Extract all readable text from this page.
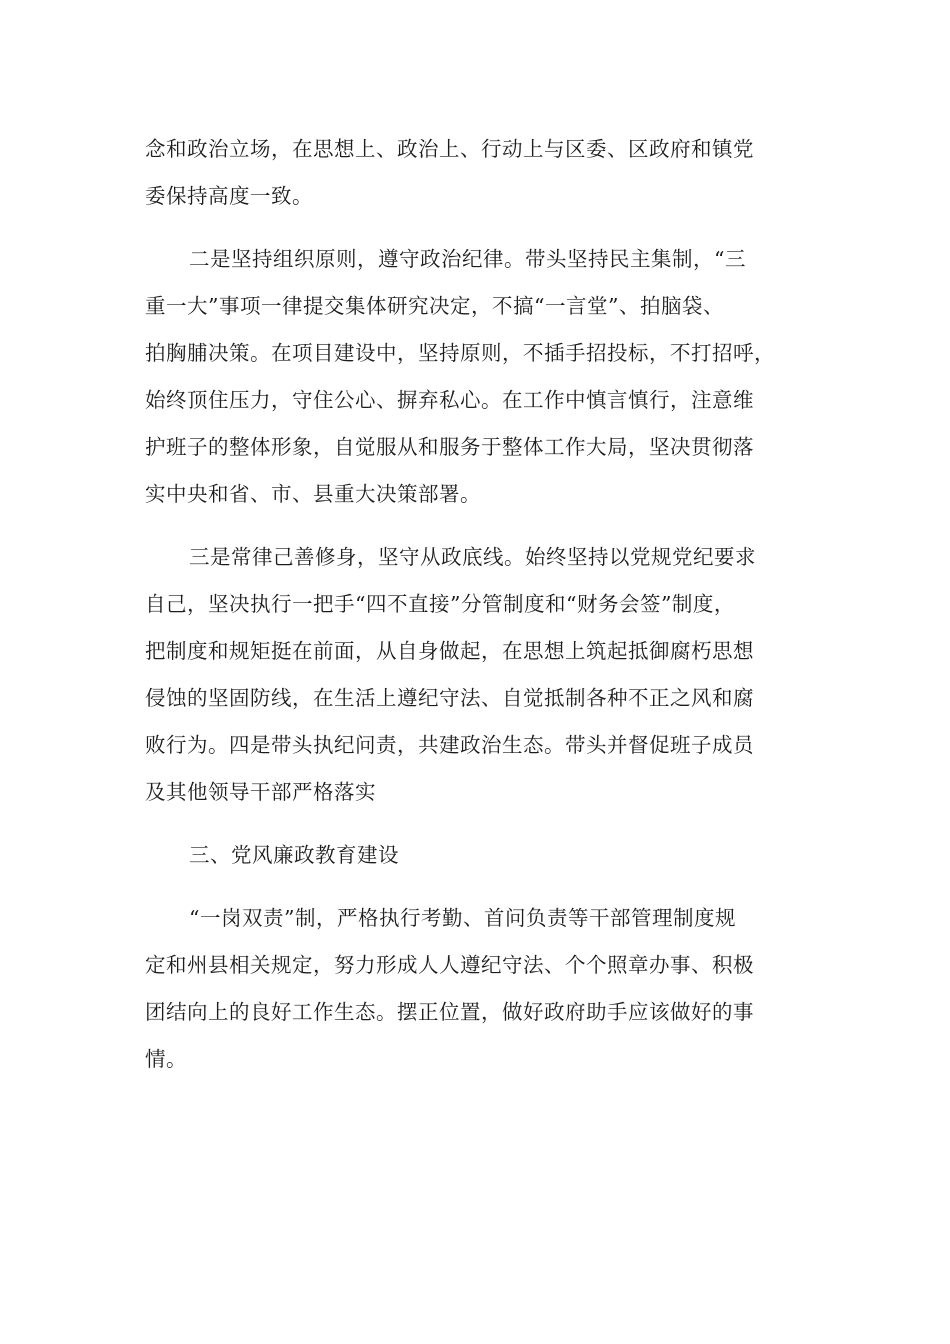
念和政治立场，在思想上、政治上、行动上与区委、区政府和镇党
委保持高度一致。

二是坚持组织原则，遵守政治纪律。带头坚持民主集制，“三
重一大”事项一律提交集体研究决定，不搞“一言堂”、拍脑袋、
拍胸脯决策。在项目建设中，坚持原则，不插手招投标，不打招呼，
始终顶住压力，守住公心、摒弃私心。在工作中慎言慎行，注意维
护班子的整体形象，自觉服从和服务于整体工作大局，坚决贯彻落
实中央和省、市、县重大决策部署。

三是常律己善修身，坚守从政底线。始终坚持以党规党纪要求
自己，坚决执行一把手“四不直接”分管制度和“财务会签”制度，
把制度和规矩挺在前面，从自身做起，在思想上筑起抵御腐朽思想
侵蚀的坚固防线，在生活上遵纪守法、自觉抵制各种不正之风和腐
败行为。四是带头执纪问责，共建政治生态。带头并督促班子成员
及其他领导干部严格落实

三、党风廉政教育建设

“一岗双责”制，严格执行考勤、首问负责等干部管理制度规
定和州县相关规定，努力形成人人遵纪守法、个个照章办事、积极
团结向上的良好工作生态。摆正位置，做好政府助手应该做好的事
情。
